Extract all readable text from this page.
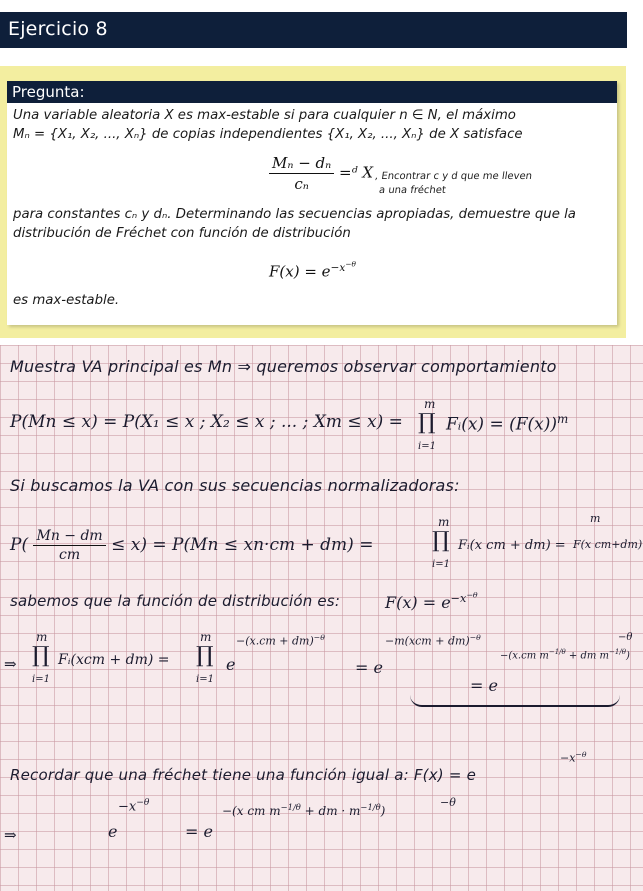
Ejercicio 8
Pregunta:
Una variable aleatoria X es max-estable si para cualquier n ∈ N, el máximo
Mₙ = {X₁, X₂, ..., Xₙ} de copias independientes {X₁, X₂, ..., Xₙ} de X satisface
$\frac{\text{Mₙ − dₙ}}{\text{cₙ}}$ =ᵈ X , Encontrar c y d que me lleven
a una fréchet
para constantes cₙ y dₙ. Determinando las secuencias apropiadas, demuestre que la
distribución de Fréchet con función de distribución
$F(x) = e^{-x^{-\theta}}$
es max-estable.
Muestra VA principal es Mn ⇒ queremos observar comportamiento
P(Mn ≤ x) = P(X₁ ≤ x ; X₂ ≤ x ; ... ; Xm ≤ x) =
m
∏
i=1
Fᵢ(x) = $(F(x))^m$
Si buscamos la VA con sus secuencias normalizadoras:
$P( \frac{Mn - dm}{cm} \le x) = P(Mn \le xn\cdot cm + dm)$ =
m
∏
i=1
Fᵢ(x cm + dm) = F(x cm+dm)
m
sabemos que la función de distribución es:	$F(x) = e^{-x^{-\theta}}$
⇒
m
∏
i=1
Fᵢ(xcm + dm) =
m
∏
i=1
e
−(x.cm + dm)$^{-\theta}$
= e
−m(xcm + dm)$^{-\theta}$
= e
−(x.cm $m^{-1/\theta}$ + dm $m^{-1/\theta}$)
−θ
Recordar que una fréchet tiene una función igual a: F(x) = e
$-x^{-\theta}$
⇒	e
$-x^{-\theta}$
= e
−(x cm $m^{-1/\theta}$ + dm · $m^{-1/\theta}$)
−θ
